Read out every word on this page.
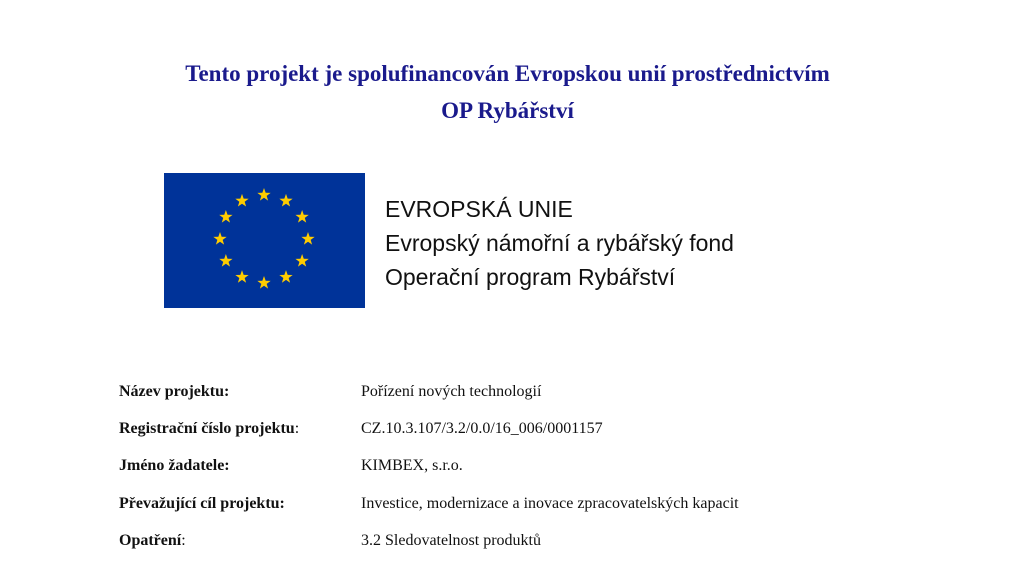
Tento projekt je spolufinancován Evropskou unií prostřednictvím
OP Rybářství
EVROPSKÁ UNIE
Evropský námořní a rybářský fond
Operační program Rybářství
Název projektu:	Pořízení nových technologií
Registrační číslo projektu:	CZ.10.3.107/3.2/0.0/16_006/0001157
Jméno žadatele:	KIMBEX, s.r.o.
Převažující cíl projektu:	Investice, modernizace a inovace zpracovatelských kapacit
Opatření:	3.2 Sledovatelnost produktů
